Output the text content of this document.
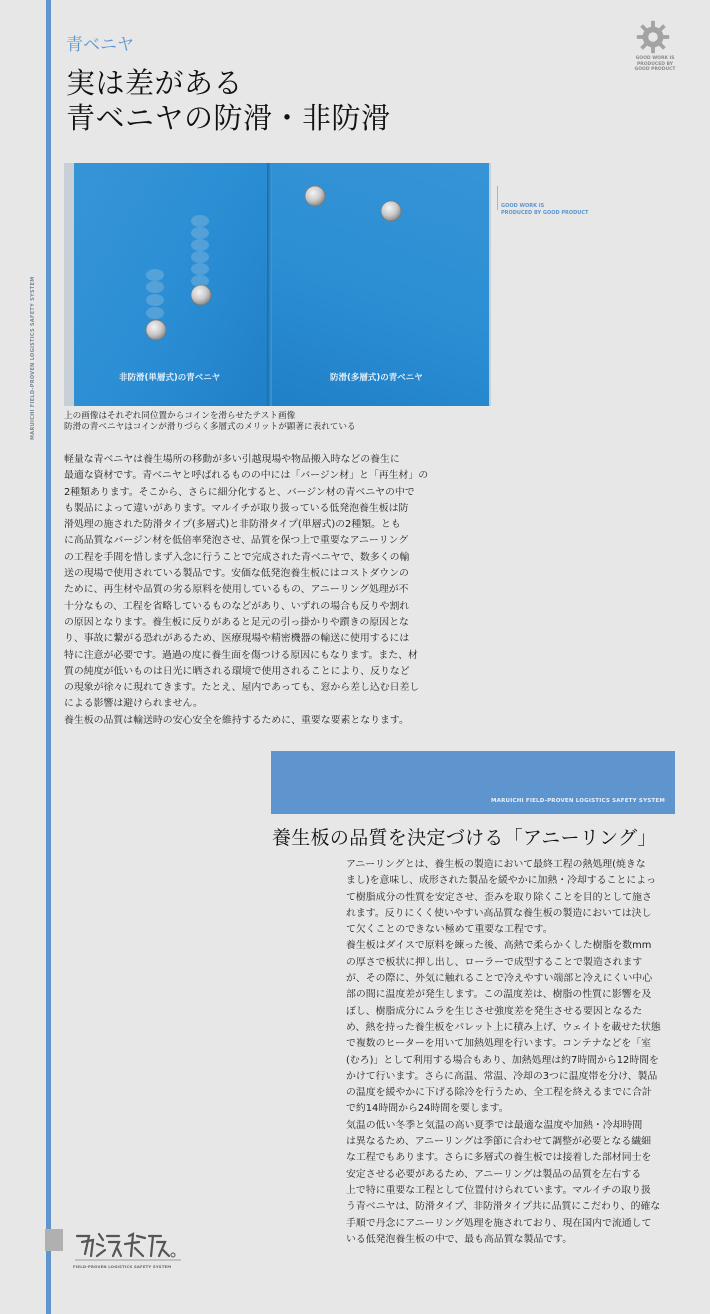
MARUICHI FIELD-PROVEN LOGISTICS SAFETY SYSTEM
青ベニヤ
実は差がある
青ベニヤの防滑・非防滑
GOOD WORK IS
PRODUCED BY
GOOD PRODUCT
非防滑(単層式)の青ベニヤ	防滑(多層式)の青ベニヤ
GOOD WORK IS
PRODUCED BY GOOD PRODUCT
上の画像はそれぞれ同位置からコインを滑らせたテスト画像
防滑の青ベニヤはコインが滑りづらく多層式のメリットが顕著に表れている
軽量な青ベニヤは養生場所の移動が多い引越現場や物品搬入時などの養生に
最適な資材です。青ベニヤと呼ばれるものの中には「バージン材」と「再生材」の
2種類あります。そこから、さらに細分化すると、バージン材の青ベニヤの中で
も製品によって違いがあります。マルイチが取り扱っている低発泡養生板は防
滑処理の施された防滑タイプ(多層式)と非防滑タイプ(単層式)の2種類。とも
に高品質なバージン材を低倍率発泡させ、品質を保つ上で重要なアニーリング
の工程を手間を惜しまず入念に行うことで完成された青ベニヤで、数多くの輸
送の現場で使用されている製品です。安価な低発泡養生板にはコストダウンの
ために、再生材や品質の劣る原料を使用しているもの、アニーリング処理が不
十分なもの、工程を省略しているものなどがあり、いずれの場合も反りや割れ
の原因となります。養生板に反りがあると足元の引っ掛かりや躓きの原因とな
り、事故に繋がる恐れがあるため、医療現場や精密機器の輸送に使用するには
特に注意が必要です。過過の度に養生面を傷つける原因にもなります。また、材
質の純度が低いものは日光に晒される環境で使用されることにより、反りなど
の現象が徐々に現れてきます。たとえ、屋内であっても、窓から差し込む日差し
による影響は避けられません。
養生板の品質は輸送時の安心安全を維持するために、重要な要素となります。
MARUICHI FIELD-PROVEN LOGISTICS SAFETY SYSTEM
養生板の品質を決定づける「アニーリング」
アニーリングとは、養生板の製造において最終工程の熱処理(焼きな
まし)を意味し、成形された製品を緩やかに加熱・冷却することによっ
て樹脂成分の性質を安定させ、歪みを取り除くことを目的として施さ
れます。反りにくく使いやすい高品質な養生板の製造においては決し
て欠くことのできない極めて重要な工程です。
養生板はダイスで原料を練った後、高熱で柔らかくした樹脂を数mm
の厚さで板状に押し出し、ローラーで成型することで製造されます
が、その際に、外気に触れることで冷えやすい端部と冷えにくい中心
部の間に温度差が発生します。この温度差は、樹脂の性質に影響を及
ぼし、樹脂成分にムラを生じさせ強度差を発生させる要因となるた
め、熱を持った養生板をパレット上に積み上げ、ウェイトを載せた状態
で複数のヒーターを用いて加熱処理を行います。コンテナなどを「室
(むろ)」として利用する場合もあり、加熱処理は約7時間から12時間を
かけて行います。さらに高温、常温、冷却の3つに温度帯を分け、製品
の温度を緩やかに下げる除冷を行うため、全工程を終えるまでに合計
で約14時間から24時間を要します。
気温の低い冬季と気温の高い夏季では最適な温度や加熱・冷却時間
は異なるため、アニーリングは季節に合わせて調整が必要となる繊細
な工程でもあります。さらに多層式の養生板では接着した部材同士を
安定させる必要があるため、アニーリングは製品の品質を左右する
上で特に重要な工程として位置付けられています。マルイチの取り扱
う青ベニヤは、防滑タイプ、非防滑タイプ共に品質にこだわり、的確な
手順で丹念にアニーリング処理を施されており、現在国内で流通して
いる低発泡養生板の中で、最も高品質な製品です。
FIELD-PROVEN LOGISTICS SAFETY SYSTEM
